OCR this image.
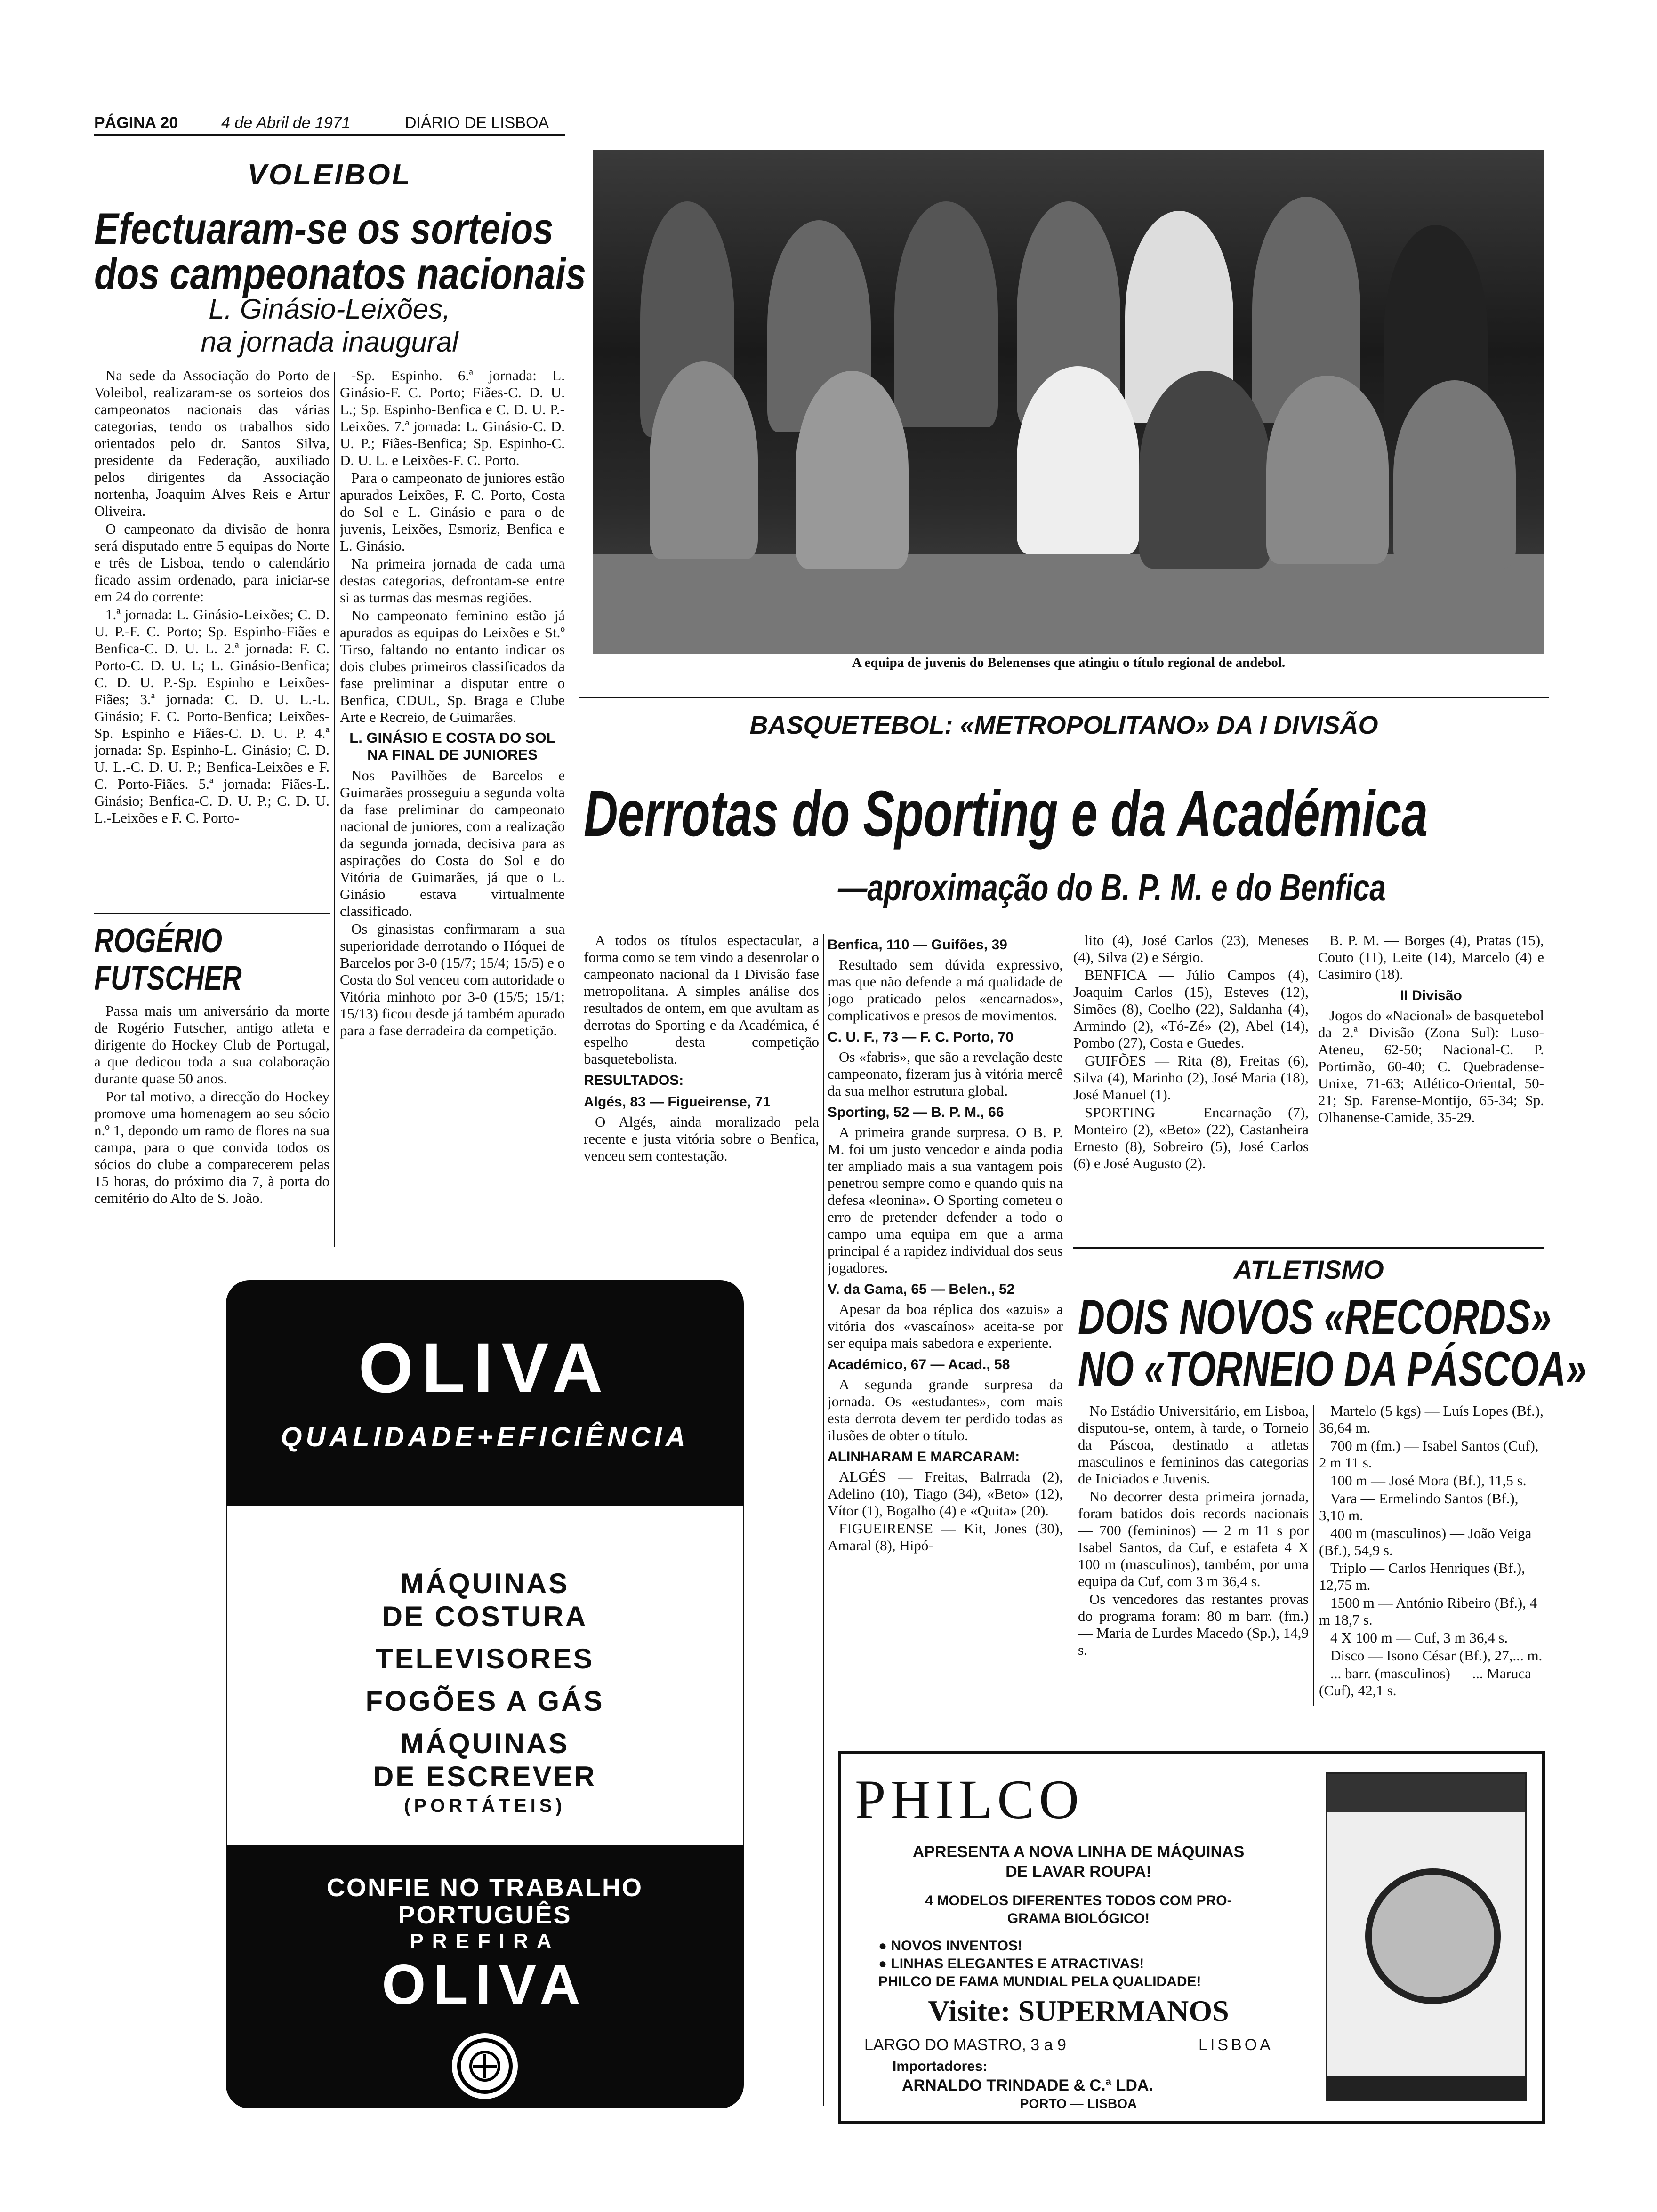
PÁGINA 20	4 de Abril de 1971	DIÁRIO DE LISBOA
VOLEIBOL
Efectuaram-se os sorteios
dos campeonatos nacionais
L. Ginásio-Leixões,
na jornada inaugural

Na sede da Associação do Porto de Voleibol, realizaram-se os sorteios dos campeonatos nacionais das várias categorias, tendo os trabalhos sido orientados pelo dr. Santos Silva, presidente da Federação, auxiliado pelos dirigentes da Associação nortenha, Joaquim Alves Reis e Artur Oliveira.

O campeonato da divisão de honra será disputado entre 5 equipas do Norte e três de Lisboa, tendo o calendário ficado assim ordenado, para iniciar-se em 24 do corrente:

1.ª jornada: L. Ginásio-Leixões; C. D. U. P.-F. C. Porto; Sp. Espinho-Fiães e Benfica-C. D. U. L. 2.ª jornada: F. C. Porto-C. D. U. L; L. Ginásio-Benfica; C. D. U. P.-Sp. Espinho e Leixões-Fiães; 3.ª jornada: C. D. U. L.-L. Ginásio; F. C. Porto-Benfica; Leixões-Sp. Espinho e Fiães-C. D. U. P. 4.ª jornada: Sp. Espinho-L. Ginásio; C. D. U. L.-C. D. U. P.; Benfica-Leixões e F. C. Porto-Fiães. 5.ª jornada: Fiães-L. Ginásio; Benfica-C. D. U. P.; C. D. U. L.-Leixões e F. C. Porto-

-Sp. Espinho. 6.ª jornada: L. Ginásio-F. C. Porto; Fiães-C. D. U. L.; Sp. Espinho-Benfica e C. D. U. P.-Leixões. 7.ª jornada: L. Ginásio-C. D. U. P.; Fiães-Benfica; Sp. Espinho-C. D. U. L. e Leixões-F. C. Porto.

Para o campeonato de juniores estão apurados Leixões, F. C. Porto, Costa do Sol e L. Ginásio e para o de juvenis, Leixões, Esmoriz, Benfica e L. Ginásio.

Na primeira jornada de cada uma destas categorias, defrontam-se entre si as turmas das mesmas regiões.

No campeonato feminino estão já apurados as equipas do Leixões e St.º Tirso, faltando no entanto indicar os dois clubes primeiros classificados da fase preliminar a disputar entre o Benfica, CDUL, Sp. Braga e Clube Arte e Recreio, de Guimarães.

L. GINÁSIO E COSTA DO SOL NA FINAL DE JUNIORES

Nos Pavilhões de Barcelos e Guimarães prosseguiu a segunda volta da fase preliminar do campeonato nacional de juniores, com a realização da segunda jornada, decisiva para as aspirações do Costa do Sol e do Vitória de Guimarães, já que o L. Ginásio estava virtualmente classificado.

Os ginasistas confirmaram a sua superioridade derrotando o Hóquei de Barcelos por 3-0 (15/7; 15/4; 15/5) e o Costa do Sol venceu com autoridade o Vitória minhoto por 3-0 (15/5; 15/1; 15/13) ficou desde já também apurado para a fase derradeira da competição.

ROGÉRIO
FUTSCHER

Passa mais um aniversário da morte de Rogério Futscher, antigo atleta e dirigente do Hockey Club de Portugal, a que dedicou toda a sua colaboração durante quase 50 anos.

Por tal motivo, a direcção do Hockey promove uma homenagem ao seu sócio n.º 1, depondo um ramo de flores na sua campa, para o que convida todos os sócios do clube a comparecerem pelas 15 horas, do próximo dia 7, à porta do cemitério do Alto de S. João.

A equipa de juvenis do Belenenses que atingiu o título regional de andebol.
BASQUETEBOL: «METROPOLITANO» DA I DIVISÃO
Derrotas do Sporting e da Académica
—aproximação do B. P. M. e do Benfica

A todos os títulos espectacular, a forma como se tem vindo a desenrolar o campeonato nacional da I Divisão fase metropolitana. A simples análise dos resultados de ontem, em que avultam as derrotas do Sporting e da Académica, é espelho desta competição basquetebolista.

RESULTADOS:

Algés, 83 — Figueirense, 71

O Algés, ainda moralizado pela recente e justa vitória sobre o Benfica, venceu sem contestação.

Benfica, 110 — Guifões, 39

Resultado sem dúvida expressivo, mas que não defende a má qualidade de jogo praticado pelos «encarnados», complicativos e presos de movimentos.

C. U. F., 73 — F. C. Porto, 70

Os «fabris», que são a revelação deste campeonato, fizeram jus à vitória mercê da sua melhor estrutura global.

Sporting, 52 — B. P. M., 66

A primeira grande surpresa. O B. P. M. foi um justo vencedor e ainda podia ter ampliado mais a sua vantagem pois penetrou sempre como e quando quis na defesa «leonina». O Sporting cometeu o erro de pretender defender a todo o campo uma equipa em que a arma principal é a rapidez individual dos seus jogadores.

V. da Gama, 65 — Belen., 52

Apesar da boa réplica dos «azuis» a vitória dos «vascaínos» aceita-se por ser equipa mais sabedora e experiente.

Académico, 67 — Acad., 58

A segunda grande surpresa da jornada. Os «estudantes», com mais esta derrota devem ter perdido todas as ilusões de obter o título.

ALINHARAM E MARCARAM:

ALGÉS — Freitas, Balrrada (2), Adelino (10), Tiago (34), «Beto» (12), Vítor (1), Bogalho (4) e «Quita» (20).

FIGUEIRENSE — Kit, Jones (30), Amaral (8), Hipó-

lito (4), José Carlos (23), Meneses (4), Silva (2) e Sérgio.

BENFICA — Júlio Campos (4), Joaquim Carlos (15), Esteves (12), Simões (8), Coelho (22), Saldanha (4), Armindo (2), «Tó-Zé» (2), Abel (14), Pombo (27), Costa e Guedes.

GUIFÕES — Rita (8), Freitas (6), Silva (4), Marinho (2), José Maria (18), José Manuel (1).

SPORTING — Encarnação (7), Monteiro (2), «Beto» (22), Castanheira Ernesto (8), Sobreiro (5), José Carlos (6) e José Augusto (2).

B. P. M. — Borges (4), Pratas (15), Couto (11), Leite (14), Marcelo (4) e Casimiro (18).

II Divisão

Jogos do «Nacional» de basquetebol da 2.ª Divisão (Zona Sul): Luso-Ateneu, 62-50; Nacional-C. P. Portimão, 60-40; C. Quebradense-Unixe, 71-63; Atlético-Oriental, 50-21; Sp. Farense-Montijo, 65-34; Sp. Olhanense-Camide, 35-29.

ATLETISMO
DOIS NOVOS «RECORDS»
NO «TORNEIO DA PÁSCOA»

No Estádio Universitário, em Lisboa, disputou-se, ontem, à tarde, o Torneio da Páscoa, destinado a atletas masculinos e femininos das categorias de Iniciados e Juvenis.

No decorrer desta primeira jornada, foram batidos dois records nacionais — 700 (femininos) — 2 m 11 s por Isabel Santos, da Cuf, e estafeta 4 X 100 m (masculinos), também, por uma equipa da Cuf, com 3 m 36,4 s.

Os vencedores das restantes provas do programa foram: 80 m barr. (fm.) — Maria de Lurdes Macedo (Sp.), 14,9 s.

Martelo (5 kgs) — Luís Lopes (Bf.), 36,64 m.

700 m (fm.) — Isabel Santos (Cuf), 2 m 11 s.

100 m — José Mora (Bf.), 11,5 s.

Vara — Ermelindo Santos (Bf.), 3,10 m.

400 m (masculinos) — João Veiga (Bf.), 54,9 s.

Triplo — Carlos Henriques (Bf.), 12,75 m.

1500 m — António Ribeiro (Bf.), 4 m 18,7 s.

4 X 100 m — Cuf, 3 m 36,4 s.

Disco — Isono César (Bf.), 27,... m.

... barr. (masculinos) — ... Maruca (Cuf), 42,1 s.

OLIVA
QUALIDADE+EFICIÊNCIA
MÁQUINAS
DE COSTURA
TELEVISORES
FOGÕES A GÁS
MÁQUINAS
DE ESCREVER
(PORTÁTEIS)
CONFIE NO TRABALHO
PORTUGUÊS
PREFIRA
OLIVA
PHILCO
APRESENTA A NOVA LINHA DE MÁQUINAS
DE LAVAR ROUPA!
4 MODELOS DIFERENTES TODOS COM PRO-
GRAMA BIOLÓGICO!
● NOVOS INVENTOS!
● LINHAS ELEGANTES E ATRACTIVAS!
PHILCO DE FAMA MUNDIAL PELA QUALIDADE!
Visite: SUPERMANOS
LARGO DO MASTRO, 3 a 9	LISBOA
Importadores:
ARNALDO TRINDADE & C.ª LDA.
PORTO — LISBOA
